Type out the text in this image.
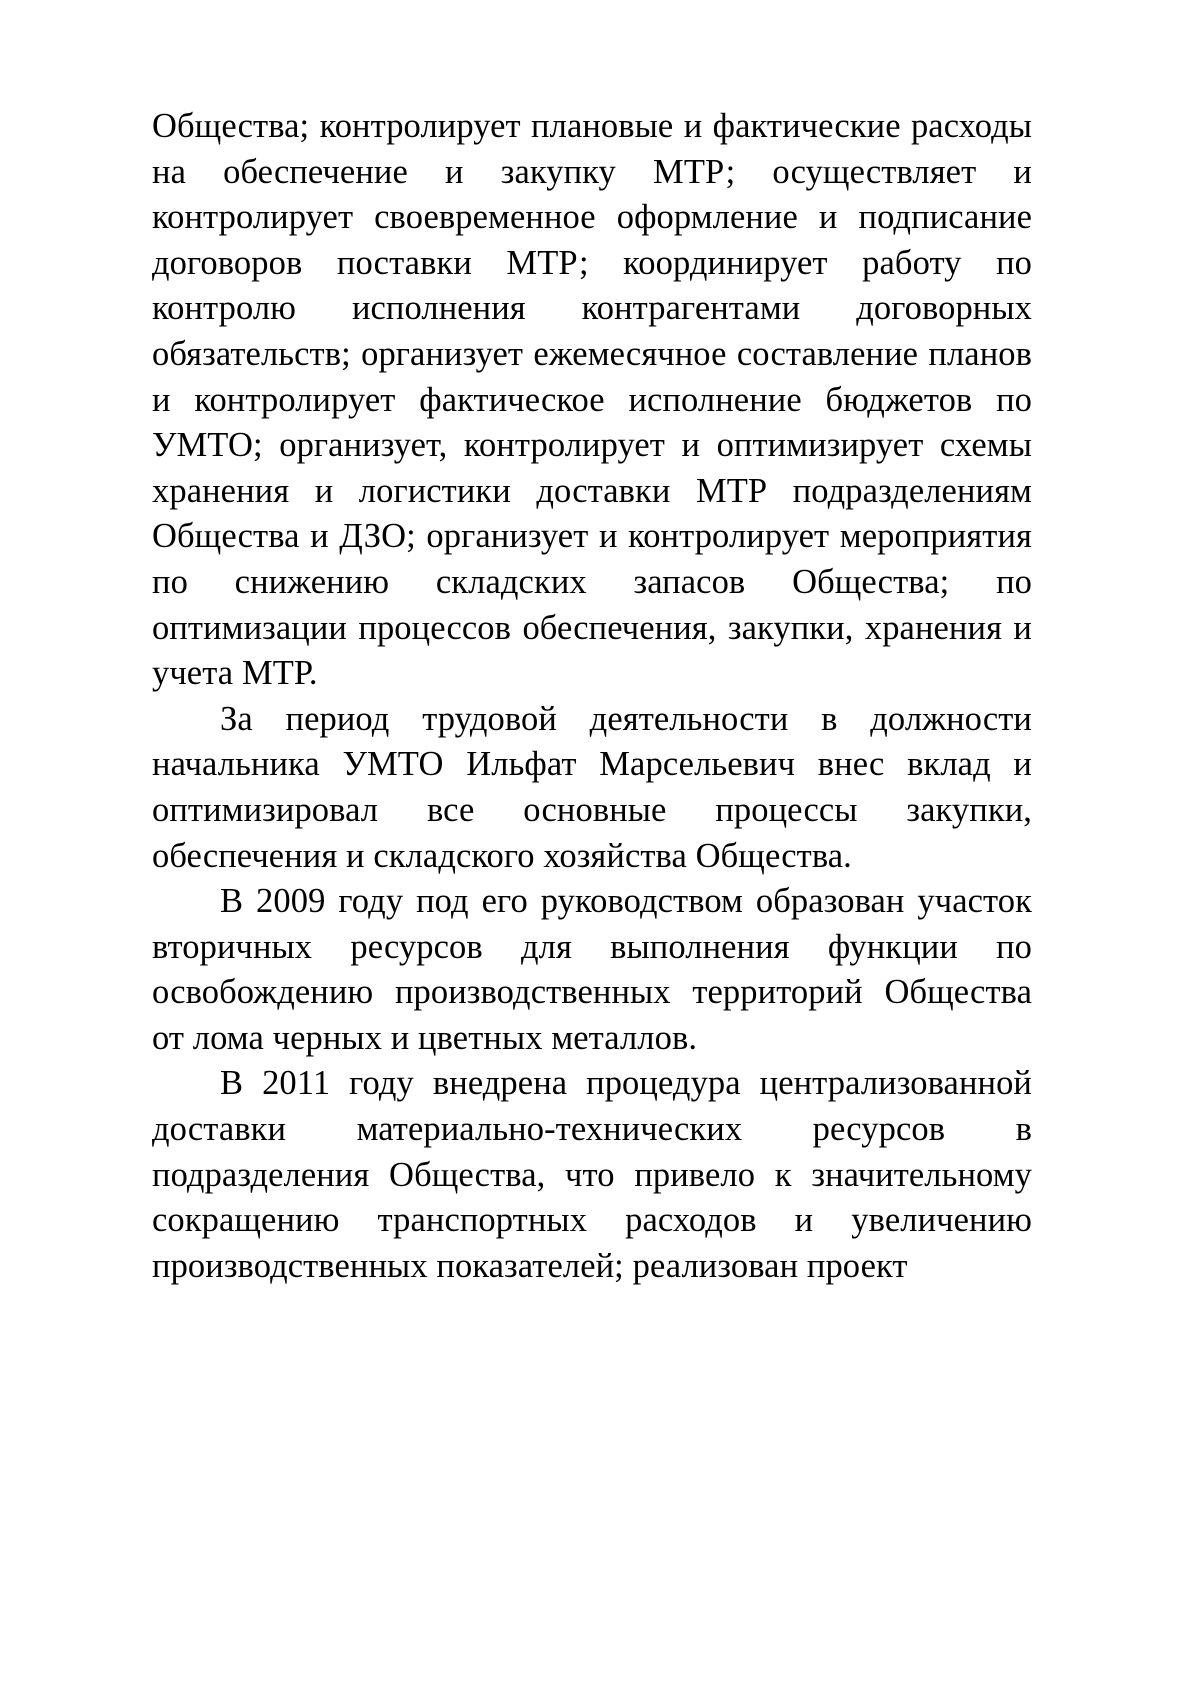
Общества; контролирует плановые и фактические расходы на обеспечение и закупку МТР; осуществляет и контролирует своевременное оформление и подписание договоров поставки МТР; координирует работу по контролю исполнения контрагентами договорных обязательств; организует ежемесячное составление планов и контролирует фактическое исполнение бюджетов по УМТО; организует, контролирует и оптимизирует схемы хранения и логистики доставки МТР подразделениям Общества и ДЗО; организует и контролирует мероприятия по снижению складских запасов Общества; по оптимизации процессов обеспечения, закупки, хранения и учета МТР.

За период трудовой деятельности в должности начальника УМТО Ильфат Марсельевич внес вклад и оптимизировал все основные процессы закупки, обеспечения и складского хозяйства Общества.

В 2009 году под его руководством образован участок вторичных ресурсов для выполнения функции по освобождению производственных территорий Общества от лома черных и цветных металлов.

В 2011 году внедрена процедура централизованной доставки материально-технических ресурсов в подразделения Общества, что привело к значительному сокращению транспортных расходов и увеличению производственных показателей; реализован проект
